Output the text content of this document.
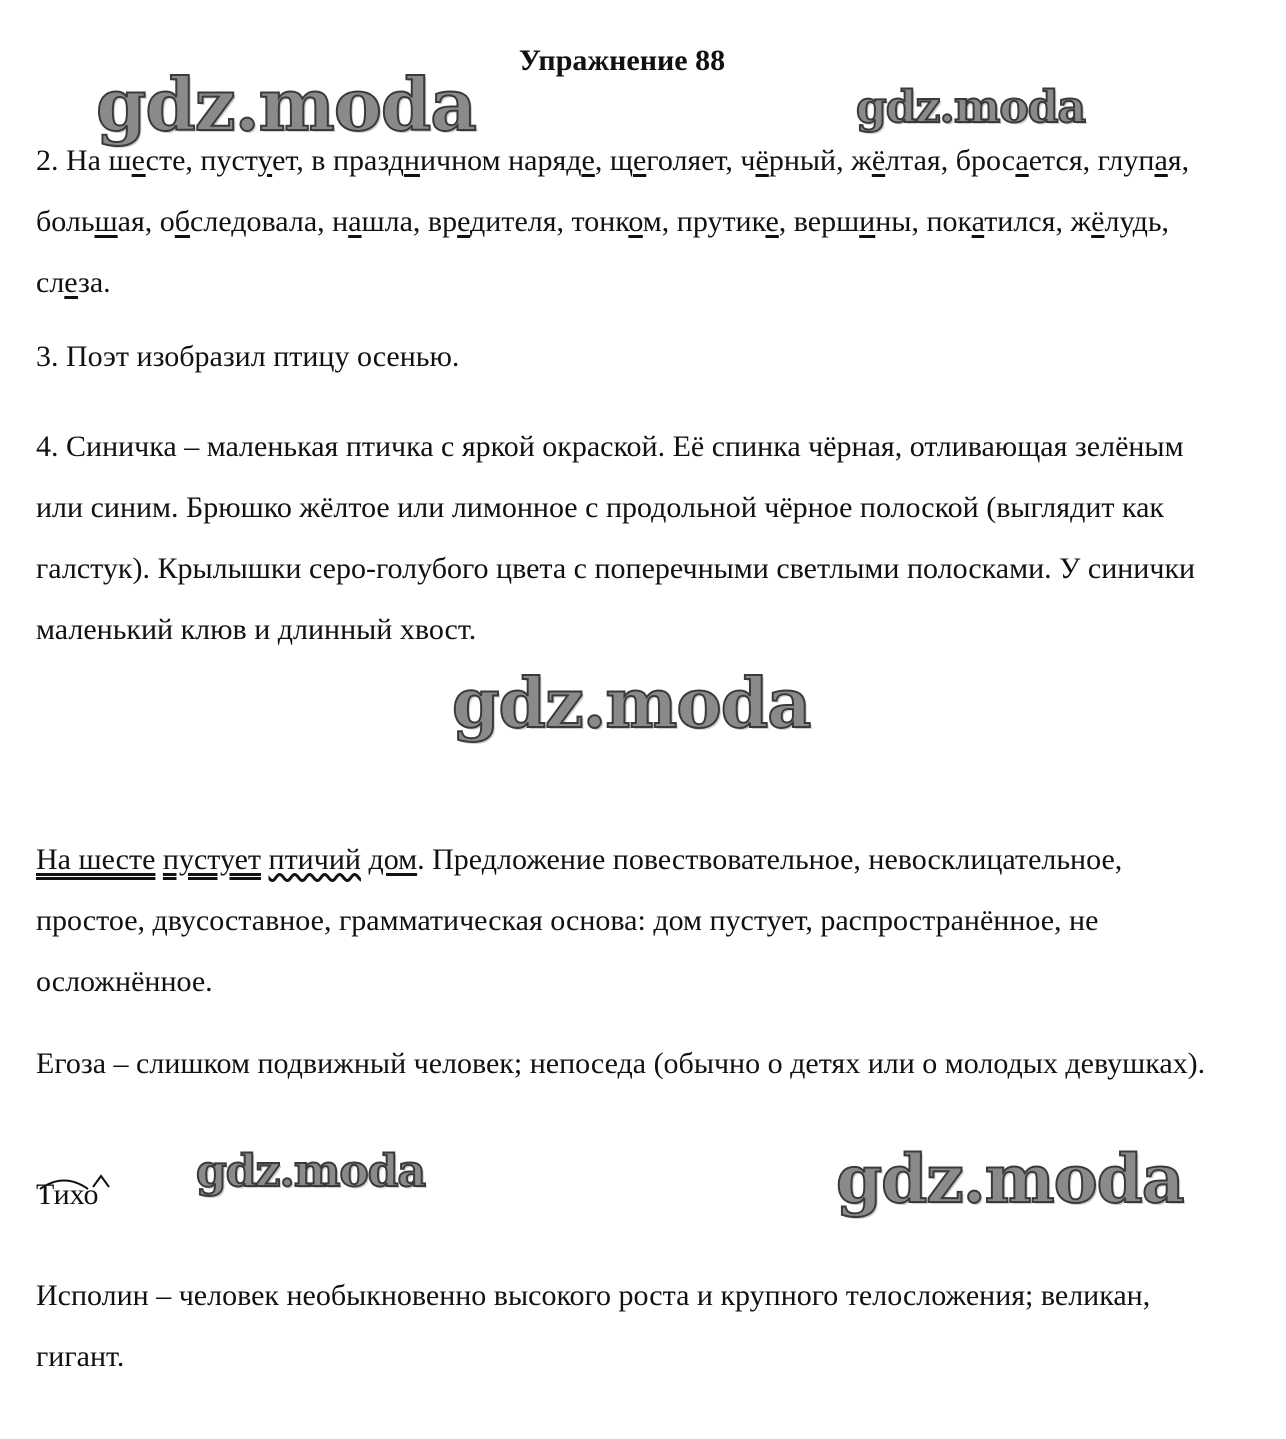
Упражнение 88
2. На шесте, пустует, в праздничном наряде, щеголяет, чёрный, жёлтая, бросается, глупая, большая, обследовала, нашла, вредителя, тонком, прутике, вершины, покатился, жёлудь, слеза.
3. Поэт изобразил птицу осенью.
4. Синичка – маленькая птичка с яркой окраской. Её спинка чёрная, отливающая зелёным или синим. Брюшко жёлтое или лимонное с продольной чёрное полоской (выглядит как галстук). Крылышки серо-голубого цвета с поперечными светлыми полосками. У синички маленький клюв и длинный хвост.
На шесте пустует птичий дом. Предложение повествовательное, невосклицательное, простое, двусоставное, грамматическая основа: дом пустует, распространённое, не осложнённое.
Егоза – слишком подвижный человек; непоседа (обычно о детях или о молодых девушках).
Тихо
Исполин – человек необыкновенно высокого роста и крупного телосложения; великан, гигант.
gdz.moda	gdz.moda
gdz.moda
gdz.moda	gdz.moda
